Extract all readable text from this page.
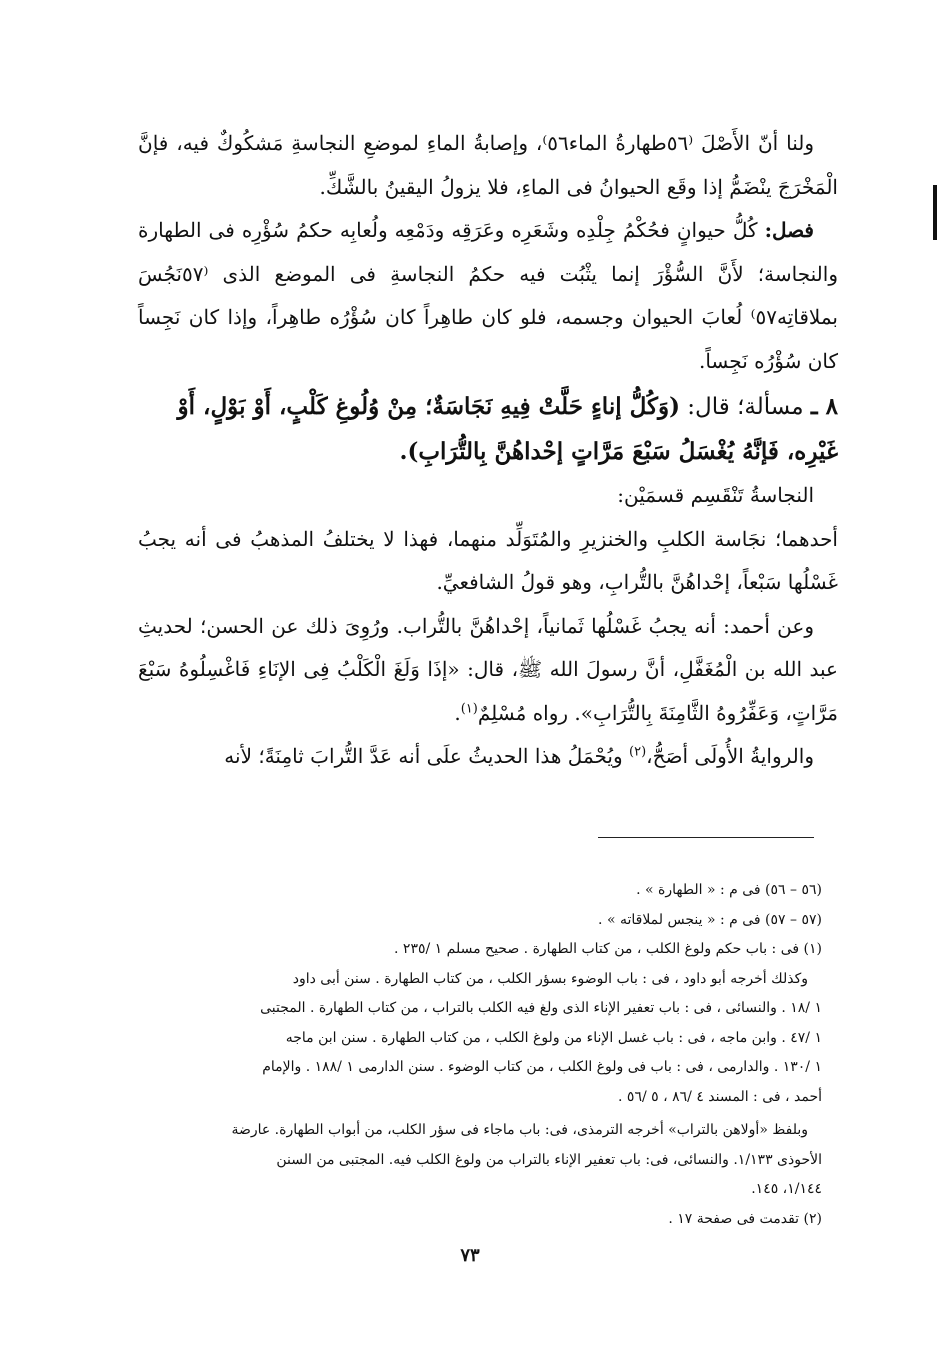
ولنا أنّ الأَصْلَ ⁽٥٦طهارةُ الماء٥٦⁾، وإصابةُ الماءِ لموضعِ النجاسةِ مَشكُوكٌ فيه، فإنَّ الْمَخْرَجَ ينْضَمُّ إذا وقَع الحيوانُ فى الماءِ، فلا يزولُ اليقينُ بالشَّكِّ.

فصل: كُلُّ حيوانٍ فحُكْمُ جِلْدِه وشَعَرِه وعَرَقِه ودَمْعِه ولُعابِه حكمُ سُؤْرِه فى الطهارة والنجاسة؛ لأَنَّ السُّؤْرَ إنما يثْبُت فيه حكمُ النجاسةِ فى الموضع الذى ⁽٥٧نَجُسَ بملاقاتِه٥٧⁾ لُعابَ الحيوان وجسمه، فلو كان طاهِراً كان سُؤْرُه طاهِراً، وإذا كان نَجِساً كان سُؤْرُه نَجِساً.

٨ ـ مسألة؛ قال: (وَكُلُّ إناءٍ حَلَّتْ فِيهِ نَجَاسَةٌ؛ مِنْ وُلُوغِ كَلْبٍ، أَوْ بَوْلٍ، أَوْ غَيْرِه، فَإنَّهُ يُغْسَلُ سَبْعَ مَرَّاتٍ إحْداهُنَّ بِالتُّرَابِ).

النجاسةُ تَنْقَسِم قسمَيْن:

أحدهما؛ نجَاسة الكلبِ والخنزيرِ والمُتَوَلِّد منهما، فهذا لا يختلفُ المذهبُ فى أنه يجبُ غَسْلُها سَبْعاً، إحْداهُنَّ بالتُّرابِ، وهو قولُ الشافعيِّ.

وعن أحمد: أنه يجبُ غَسْلُها ثَمانياً، إحْداهُنَّ بالتُّراب. ورُوِىَ ذلك عن الحسن؛ لحديثِ عبد الله بن الْمُغَفَّلِ، أنَّ رسولَ الله ﷺ، قال: «إذَا وَلَغَ الْكَلْبُ فِى الإنَاءِ فَاغْسِلُوهُ سَبْعَ مَرَّاتٍ، وَعَفِّرُوهُ الثَّامِنَةَ بِالتُّرَابِ». رواه مُسْلِمٌ$^{(١)}$.

والروايةُ الأُولَى أصَحُّ،$^{(٢)}$ ويُحْمَلُ هذا الحديثُ علَى أنه عَدَّ التُّرابَ ثامِنَةً؛ لأنه

(٥٦ – ٥٦) فى م : « الطهارة » .

(٥٧ – ٥٧) فى م : « ينجس لملاقاته » .

(١) فى : باب حكم ولوغ الكلب ، من كتاب الطهارة . صحيح مسلم ١ /٢٣٥ .

وكذلك أخرجه أبو داود ، فى : باب الوضوء بسؤر الكلب ، من كتاب الطهارة . سنن أبى داود

١ /١٨ . والنسائى ، فى : باب تعفير الإناء الذى ولغ فيه الكلب بالتراب ، من كتاب الطهارة . المجتبى

١ /٤٧ . وابن ماجه ، فى : باب غسل الإناء من ولوغ الكلب ، من كتاب الطهارة . سنن ابن ماجه

١ /١٣٠ . والدارمى ، فى : باب فى ولوغ الكلب ، من كتاب الوضوء . سنن الدارمى ١ /١٨٨ . والإمام

أحمد ، فى : المسند ٤ /٨٦ ، ٥ /٥٦ .

وبلفظ «أولاهن بالتراب» أخرجه الترمذى، فى: باب ماجاء فى سؤر الكلب، من أبواب الطهارة. عارضة

الأحوذى ١/١٣٣. والنسائى، فى: باب تعفير الإناء بالتراب من ولوغ الكلب فيه. المجتبى من السنن

١/١٤٤، ١٤٥.

(٢) تقدمت فى صفحة ١٧ .

٧٣
